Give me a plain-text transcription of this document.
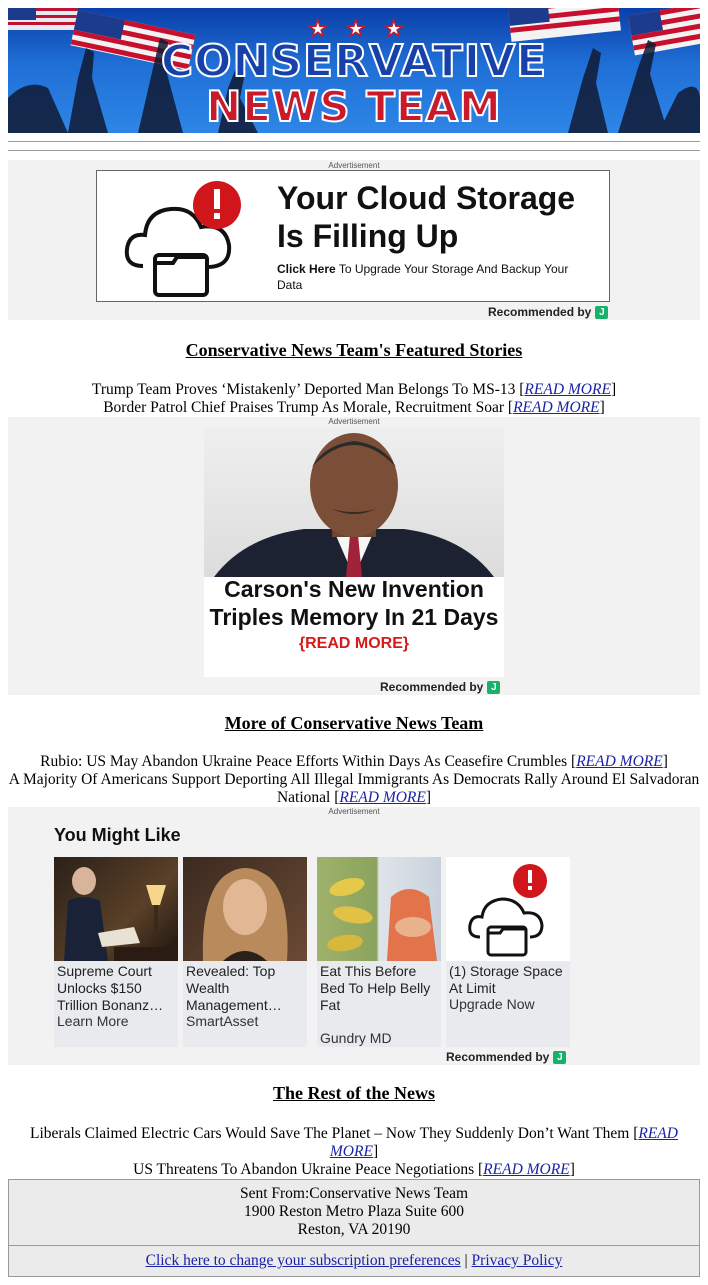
★ ★ ★
CONSERVATIVE
NEWS TEAM
Advertisement
Your Cloud Storage Is Filling Up
Click Here To Upgrade Your Storage And Backup Your Data
Recommended by J
Conservative News Team's Featured Stories
Trump Team Proves ‘Mistakenly’ Deported Man Belongs To MS-13 [READ MORE]
Border Patrol Chief Praises Trump As Morale, Recruitment Soar [READ MORE]
Advertisement
Carson's New Invention Triples Memory In 21 Days
{READ MORE}
Recommended by J
More of Conservative News Team
Rubio: US May Abandon Ukraine Peace Efforts Within Days As Ceasefire Crumbles [READ MORE]
A Majority Of Americans Support Deporting All Illegal Immigrants As Democrats Rally Around El Salvadoran National [READ MORE]
Advertisement
You Might Like
Supreme Court Unlocks $150 Trillion Bonanz…
Learn More
Revealed: Top Wealth Management…
SmartAsset
Eat This Before Bed To Help Belly Fat
Gundry MD
(1) Storage Space At Limit
Upgrade Now
Recommended by J
The Rest of the News
Liberals Claimed Electric Cars Would Save The Planet – Now They Suddenly Don’t Want Them [READ MORE]
US Threatens To Abandon Ukraine Peace Negotiations [READ MORE]
Sent From:Conservative News Team
1900 Reston Metro Plaza Suite 600
Reston, VA 20190
Click here to change your subscription preferences | Privacy Policy
